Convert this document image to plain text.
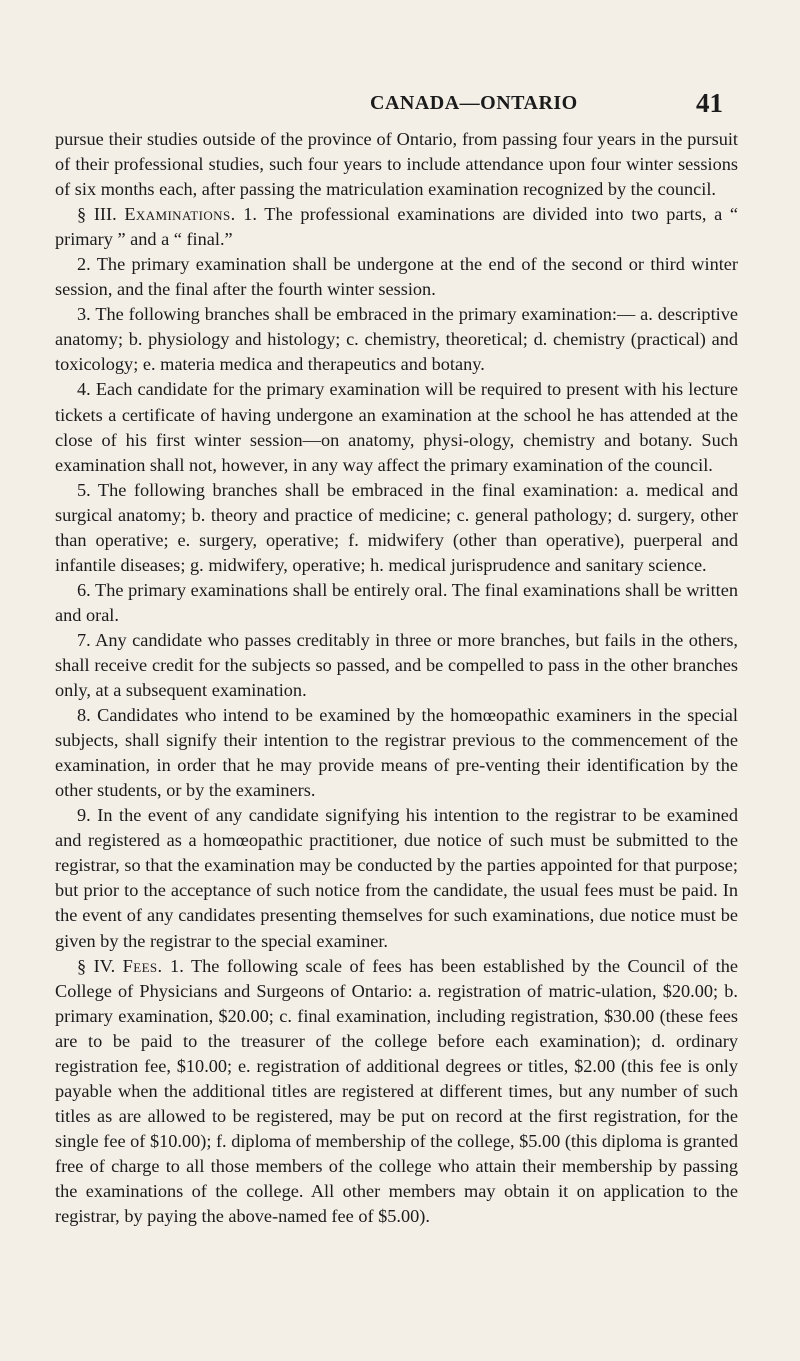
CANADA—ONTARIO	41

pursue their studies outside of the province of Ontario, from passing four years in the pursuit of their professional studies, such four years to include attendance upon four winter sessions of six months each, after passing the matriculation examination recognized by the council.

§ III. Examinations. 1. The professional examinations are divided into two parts, a “ primary ” and a “ final.”

2. The primary examination shall be undergone at the end of the second or third winter session, and the final after the fourth winter session.

3. The following branches shall be embraced in the primary examination:— a. descriptive anatomy; b. physiology and histology; c. chemistry, theoretical; d. chemistry (practical) and toxicology; e. materia medica and therapeutics and botany.

4. Each candidate for the primary examination will be required to present with his lecture tickets a certificate of having undergone an examination at the school he has attended at the close of his first winter session—on anatomy, physi-ology, chemistry and botany. Such examination shall not, however, in any way affect the primary examination of the council.

5. The following branches shall be embraced in the final examination: a. medical and surgical anatomy; b. theory and practice of medicine; c. general pathology; d. surgery, other than operative; e. surgery, operative; f. midwifery (other than operative), puerperal and infantile diseases; g. midwifery, operative; h. medical jurisprudence and sanitary science.

6. The primary examinations shall be entirely oral. The final examinations shall be written and oral.

7. Any candidate who passes creditably in three or more branches, but fails in the others, shall receive credit for the subjects so passed, and be compelled to pass in the other branches only, at a subsequent examination.

8. Candidates who intend to be examined by the homœopathic examiners in the special subjects, shall signify their intention to the registrar previous to the commencement of the examination, in order that he may provide means of pre-venting their identification by the other students, or by the examiners.

9. In the event of any candidate signifying his intention to the registrar to be examined and registered as a homœopathic practitioner, due notice of such must be submitted to the registrar, so that the examination may be conducted by the parties appointed for that purpose; but prior to the acceptance of such notice from the candidate, the usual fees must be paid. In the event of any candidates presenting themselves for such examinations, due notice must be given by the registrar to the special examiner.

§ IV. Fees. 1. The following scale of fees has been established by the Council of the College of Physicians and Surgeons of Ontario: a. registration of matric-ulation, $20.00; b. primary examination, $20.00; c. final examination, including registration, $30.00 (these fees are to be paid to the treasurer of the college before each examination); d. ordinary registration fee, $10.00; e. registration of additional degrees or titles, $2.00 (this fee is only payable when the additional titles are registered at different times, but any number of such titles as are allowed to be registered, may be put on record at the first registration, for the single fee of $10.00); f. diploma of membership of the college, $5.00 (this diploma is granted free of charge to all those members of the college who attain their membership by passing the examinations of the college. All other members may obtain it on application to the registrar, by paying the above-named fee of $5.00).
